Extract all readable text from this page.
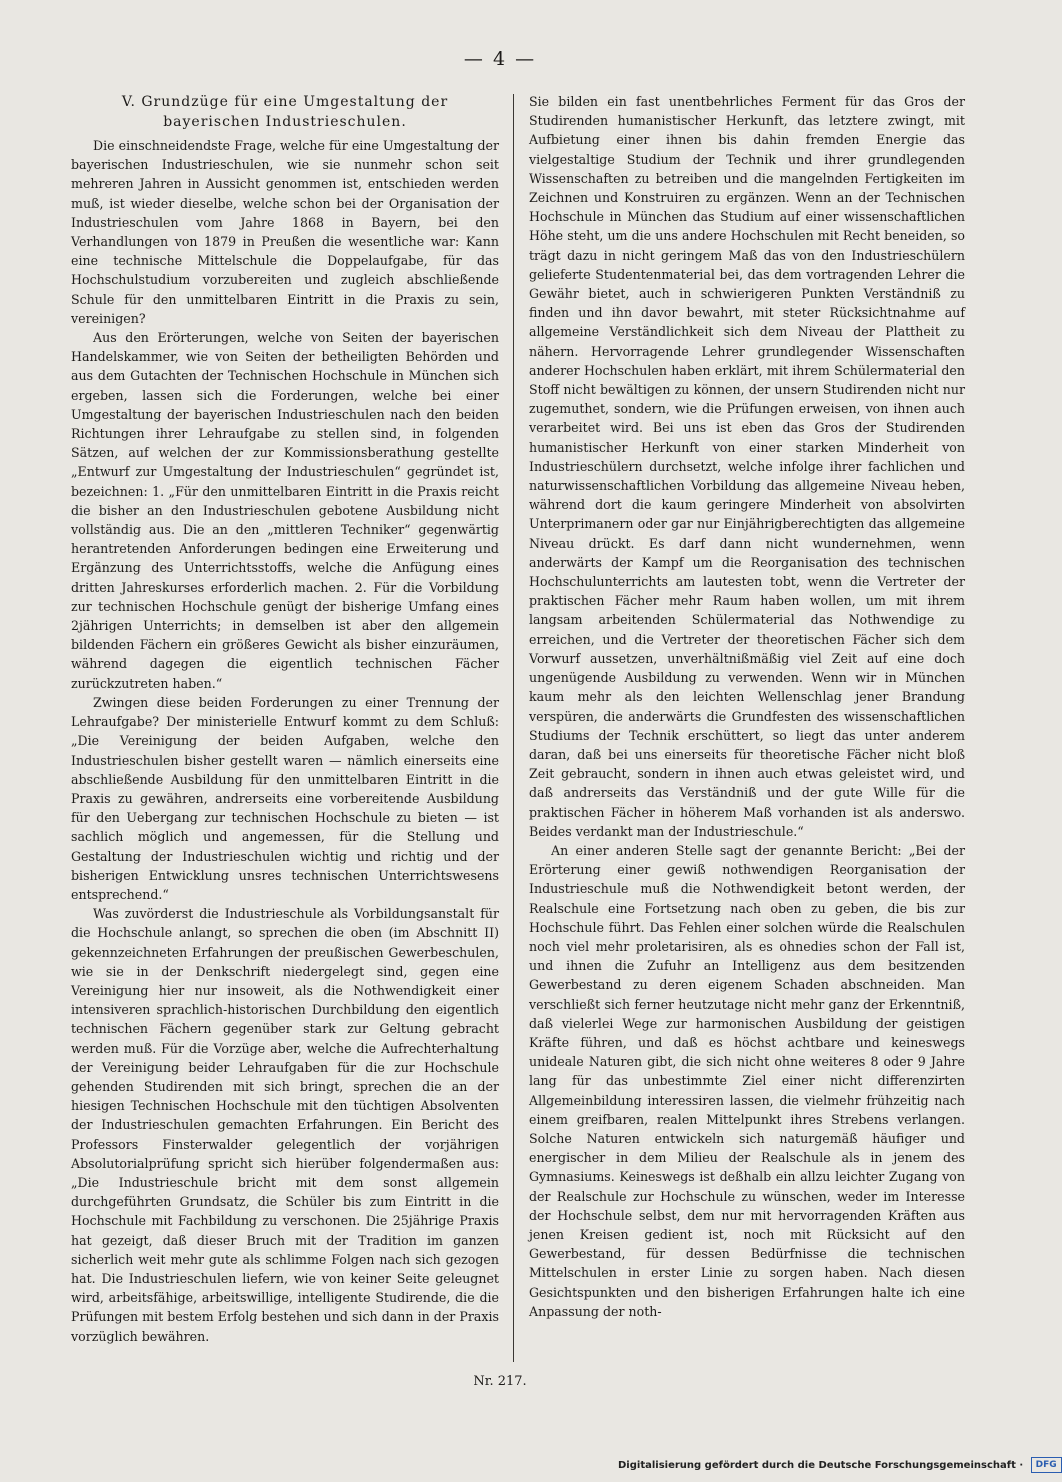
— 4 —
V. Grundzüge für eine Umgestaltung der
bayerischen Industrieschulen.

Die einschneidendste Frage, welche für eine Umgestaltung der bayerischen Industrieschulen, wie sie nunmehr schon seit mehreren Jahren in Aussicht genommen ist, entschieden werden muß, ist wieder dieselbe, welche schon bei der Organisation der Industrieschulen vom Jahre 1868 in Bayern, bei den Verhandlungen von 1879 in Preußen die wesentliche war: Kann eine technische Mittelschule die Doppelaufgabe, für das Hochschulstudium vorzubereiten und zugleich abschließende Schule für den unmittelbaren Eintritt in die Praxis zu sein, vereinigen?

Aus den Erörterungen, welche von Seiten der bayerischen Handelskammer, wie von Seiten der betheiligten Behörden und aus dem Gutachten der Technischen Hochschule in München sich ergeben, lassen sich die Forderungen, welche bei einer Umgestaltung der bayerischen Industrieschulen nach den beiden Richtungen ihrer Lehraufgabe zu stellen sind, in folgenden Sätzen, auf welchen der zur Kommissionsberathung gestellte „Entwurf zur Umgestaltung der Industrieschulen“ gegründet ist, bezeichnen: 1. „Für den unmittelbaren Eintritt in die Praxis reicht die bisher an den Industrieschulen gebotene Ausbildung nicht vollständig aus. Die an den „mittleren Techniker“ gegenwärtig herantretenden Anforderungen bedingen eine Erweiterung und Ergänzung des Unterrichtsstoffs, welche die Anfügung eines dritten Jahreskurses erforderlich machen. 2. Für die Vorbildung zur technischen Hochschule genügt der bisherige Umfang eines 2jährigen Unterrichts; in demselben ist aber den allgemein bildenden Fächern ein größeres Gewicht als bisher einzuräumen, während dagegen die eigentlich technischen Fächer zurückzutreten haben.“

Zwingen diese beiden Forderungen zu einer Trennung der Lehraufgabe? Der ministerielle Entwurf kommt zu dem Schluß: „Die Vereinigung der beiden Aufgaben, welche den Industrieschulen bisher gestellt waren — nämlich einerseits eine abschließende Ausbildung für den unmittelbaren Eintritt in die Praxis zu gewähren, andrerseits eine vorbereitende Ausbildung für den Uebergang zur technischen Hochschule zu bieten — ist sachlich möglich und angemessen, für die Stellung und Gestaltung der Industrieschulen wichtig und richtig und der bisherigen Entwicklung unsres technischen Unterrichtswesens entsprechend.“

Was zuvörderst die Industrieschule als Vorbildungsanstalt für die Hochschule anlangt, so sprechen die oben (im Abschnitt II) gekennzeichneten Erfahrungen der preußischen Gewerbeschulen, wie sie in der Denkschrift niedergelegt sind, gegen eine Vereinigung hier nur insoweit, als die Nothwendigkeit einer intensiveren sprachlich-historischen Durchbildung den eigentlich technischen Fächern gegenüber stark zur Geltung gebracht werden muß. Für die Vorzüge aber, welche die Aufrechterhaltung der Vereinigung beider Lehraufgaben für die zur Hochschule gehenden Studirenden mit sich bringt, sprechen die an der hiesigen Technischen Hochschule mit den tüchtigen Absolventen der Industrieschulen gemachten Erfahrungen. Ein Bericht des Professors Finsterwalder gelegentlich der vorjährigen Absolutorialprüfung spricht sich hierüber folgendermaßen aus: „Die Industrieschule bricht mit dem sonst allgemein durchgeführten Grundsatz, die Schüler bis zum Eintritt in die Hochschule mit Fachbildung zu verschonen. Die 25jährige Praxis hat gezeigt, daß dieser Bruch mit der Tradition im ganzen sicherlich weit mehr gute als schlimme Folgen nach sich gezogen hat. Die Industrieschulen liefern, wie von keiner Seite geleugnet wird, arbeitsfähige, arbeitswillige, intelligente Studirende, die die Prüfungen mit bestem Erfolg bestehen und sich dann in der Praxis vorzüglich bewähren.

Sie bilden ein fast unentbehrliches Ferment für das Gros der Studirenden humanistischer Herkunft, das letztere zwingt, mit Aufbietung einer ihnen bis dahin fremden Energie das vielgestaltige Studium der Technik und ihrer grundlegenden Wissenschaften zu betreiben und die mangelnden Fertigkeiten im Zeichnen und Konstruiren zu ergänzen. Wenn an der Technischen Hochschule in München das Studium auf einer wissenschaftlichen Höhe steht, um die uns andere Hochschulen mit Recht beneiden, so trägt dazu in nicht geringem Maß das von den Industrieschülern gelieferte Studentenmaterial bei, das dem vortragenden Lehrer die Gewähr bietet, auch in schwierigeren Punkten Verständniß zu finden und ihn davor bewahrt, mit steter Rücksichtnahme auf allgemeine Verständlichkeit sich dem Niveau der Plattheit zu nähern. Hervorragende Lehrer grundlegender Wissenschaften anderer Hochschulen haben erklärt, mit ihrem Schülermaterial den Stoff nicht bewältigen zu können, der unsern Studirenden nicht nur zugemuthet, sondern, wie die Prüfungen erweisen, von ihnen auch verarbeitet wird. Bei uns ist eben das Gros der Studirenden humanistischer Herkunft von einer starken Minderheit von Industrieschülern durchsetzt, welche infolge ihrer fachlichen und naturwissenschaftlichen Vorbildung das allgemeine Niveau heben, während dort die kaum geringere Minderheit von absolvirten Unterprimanern oder gar nur Einjährigberechtigten das allgemeine Niveau drückt. Es darf dann nicht wundernehmen, wenn anderwärts der Kampf um die Reorganisation des technischen Hochschulunterrichts am lautesten tobt, wenn die Vertreter der praktischen Fächer mehr Raum haben wollen, um mit ihrem langsam arbeitenden Schülermaterial das Nothwendige zu erreichen, und die Vertreter der theoretischen Fächer sich dem Vorwurf aussetzen, unverhältnißmäßig viel Zeit auf eine doch ungenügende Ausbildung zu verwenden. Wenn wir in München kaum mehr als den leichten Wellenschlag jener Brandung verspüren, die anderwärts die Grundfesten des wissenschaftlichen Studiums der Technik erschüttert, so liegt das unter anderem daran, daß bei uns einerseits für theoretische Fächer nicht bloß Zeit gebraucht, sondern in ihnen auch etwas geleistet wird, und daß andrerseits das Verständniß und der gute Wille für die praktischen Fächer in höherem Maß vorhanden ist als anderswo. Beides verdankt man der Industrieschule.“

An einer anderen Stelle sagt der genannte Bericht: „Bei der Erörterung einer gewiß nothwendigen Reorganisation der Industrieschule muß die Nothwendigkeit betont werden, der Realschule eine Fortsetzung nach oben zu geben, die bis zur Hochschule führt. Das Fehlen einer solchen würde die Realschulen noch viel mehr proletarisiren, als es ohnedies schon der Fall ist, und ihnen die Zufuhr an Intelligenz aus dem besitzenden Gewerbestand zu deren eigenem Schaden abschneiden. Man verschließt sich ferner heutzutage nicht mehr ganz der Erkenntniß, daß vielerlei Wege zur harmonischen Ausbildung der geistigen Kräfte führen, und daß es höchst achtbare und keineswegs unideale Naturen gibt, die sich nicht ohne weiteres 8 oder 9 Jahre lang für das unbestimmte Ziel einer nicht differenzirten Allgemeinbildung interessiren lassen, die vielmehr frühzeitig nach einem greifbaren, realen Mittelpunkt ihres Strebens verlangen. Solche Naturen entwickeln sich naturgemäß häufiger und energischer in dem Milieu der Realschule als in jenem des Gymnasiums. Keineswegs ist deßhalb ein allzu leichter Zugang von der Realschule zur Hochschule zu wünschen, weder im Interesse der Hochschule selbst, dem nur mit hervorragenden Kräften aus jenen Kreisen gedient ist, noch mit Rücksicht auf den Gewerbestand, für dessen Bedürfnisse die technischen Mittelschulen in erster Linie zu sorgen haben. Nach diesen Gesichtspunkten und den bisherigen Erfahrungen halte ich eine Anpassung der noth-

Nr. 217.
Digitalisierung gefördert durch die Deutsche Forschungsgemeinschaft · DFG
